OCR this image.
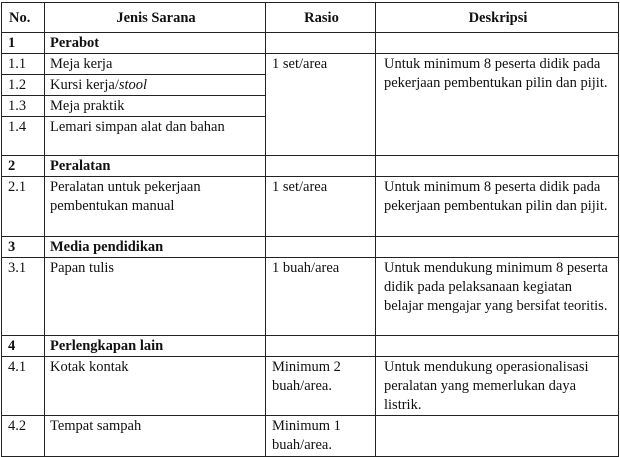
No.	Jenis Sarana	Rasio	Deskripsi
1	Perabot		
1.1	Meja kerja	1 set/area	Untuk minimum 8 peserta didik pada pekerjaan pembentukan pilin dan pijit.
1.2	Kursi kerja/stool		
1.3	Meja praktik		
1.4	Lemari simpan alat dan bahan		
2	Peralatan		
2.1	Peralatan untuk pekerjaan pembentukan manual	1 set/area	Untuk minimum 8 peserta didik pada pekerjaan pembentukan pilin dan pijit.
3	Media pendidikan		
3.1	Papan tulis	1 buah/area	Untuk mendukung minimum 8 peserta didik pada pelaksanaan kegiatan belajar mengajar yang bersifat teoritis.
4	Perlengkapan lain		
4.1	Kotak kontak	Minimum 2 buah/area.	Untuk mendukung operasionalisasi peralatan yang memerlukan daya listrik.
4.2	Tempat sampah	Minimum 1 buah/area.	
